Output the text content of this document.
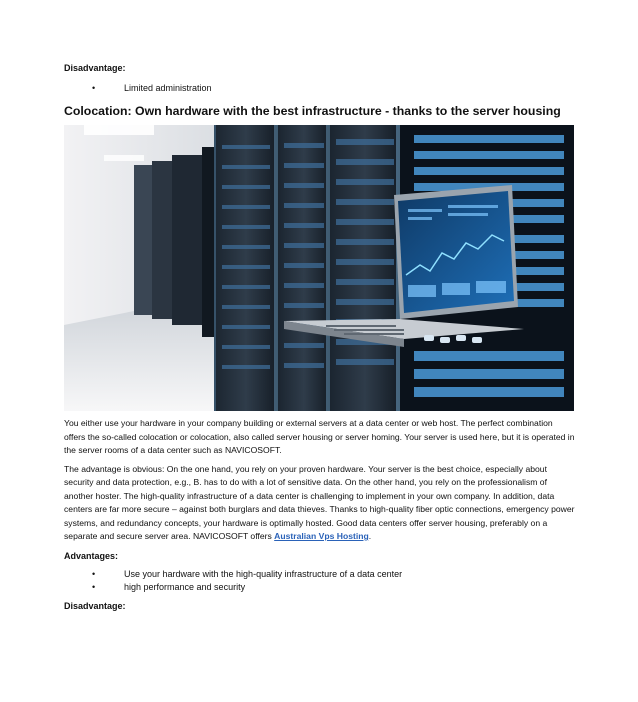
Disadvantage:

•	Limited administration
Colocation: Own hardware with the best infrastructure - thanks to the server housing

You either use your hardware in your company building or external servers at a data center or web host. The perfect combination offers the so-called colocation or colocation, also called server housing or server homing. Your server is used here, but it is operated in the server rooms of a data center such as NAVICOSOFT.

The advantage is obvious: On the one hand, you rely on your proven hardware. Your server is the best choice, especially about security and data protection, e.g., B. has to do with a lot of sensitive data. On the other hand, you rely on the professionalism of another hoster. The high-quality infrastructure of a data center is challenging to implement in your own company. In addition, data centers are far more secure – against both burglars and data thieves. Thanks to high-quality fiber optic connections, emergency power systems, and redundancy concepts, your hardware is optimally hosted. Good data centers offer server housing, preferably on a separate and secure server area. NAVICOSOFT offers Australian Vps Hosting.

Advantages:

•	Use your hardware with the high-quality infrastructure of a data center
•	high performance and security

Disadvantage:
